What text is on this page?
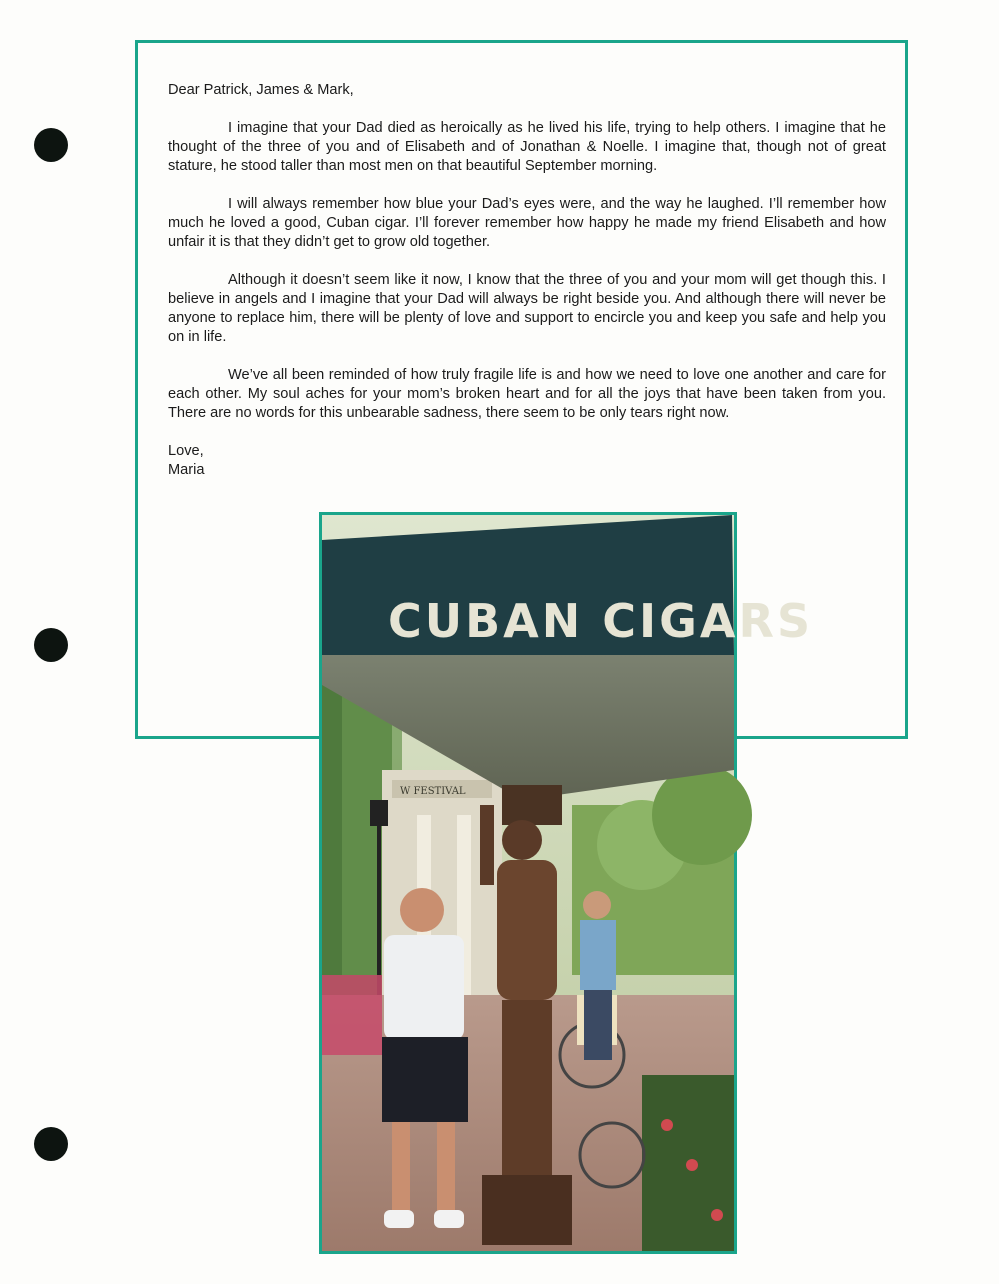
Dear Patrick, James & Mark,

I imagine that your Dad died as heroically as he lived his life, trying to help others. I imagine that he thought of the three of you and of Elisabeth and of Jonathan & Noelle. I imagine that, though not of great stature, he stood taller than most men on that beautiful September morning.

I will always remember how blue your Dad’s eyes were, and the way he laughed. I’ll remember how much he loved a good, Cuban cigar. I’ll forever remember how happy he made my friend Elisabeth and how unfair it is that they didn’t get to grow old together.

Although it doesn’t seem like it now, I know that the three of you and your mom will get though this. I believe in angels and I imagine that your Dad will always be right beside you. And although there will never be anyone to replace him, there will be plenty of love and support to encircle you and keep you safe and help you on in life.

We’ve all been reminded of how truly fragile life is and how we need to love one another and care for each other. My soul aches for your mom’s broken heart and for all the joys that have been taken from you. There are no words for this unbearable sadness, there seem to be only tears right now.

Love,

Maria

W FESTIVAL
CUBAN CIGARS
